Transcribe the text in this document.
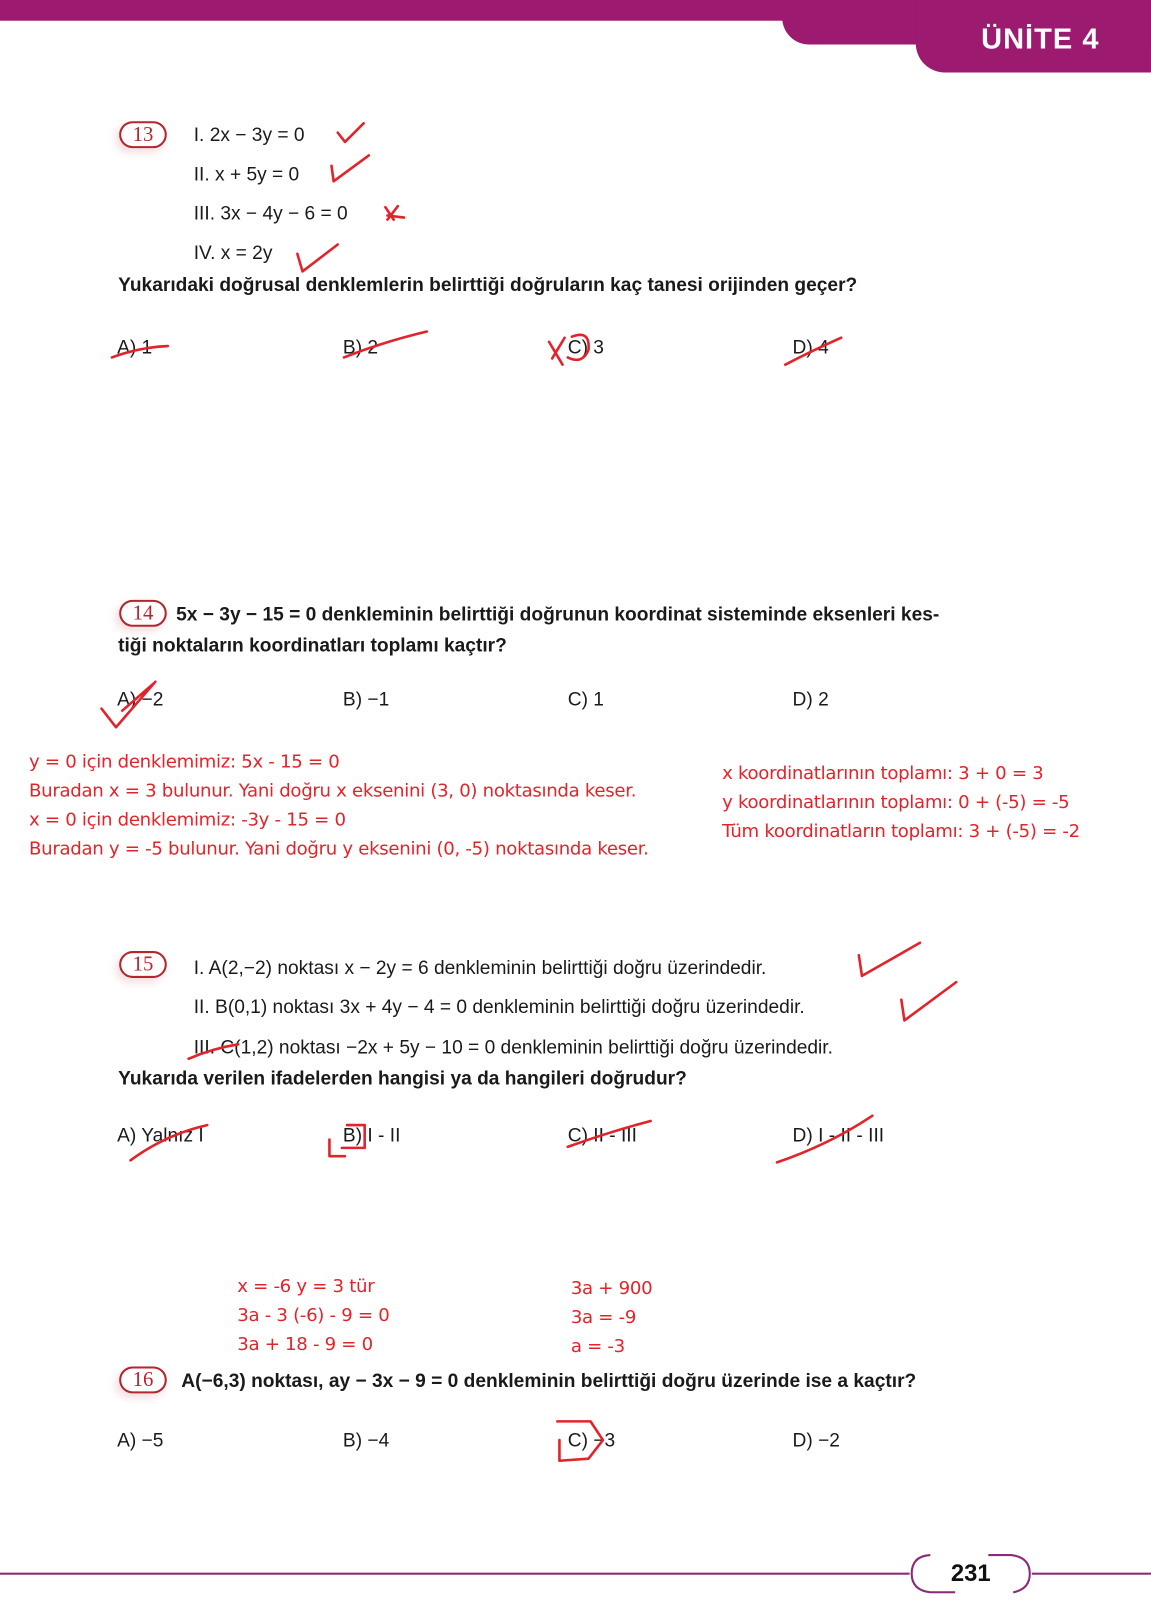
ÜNİTE 4
13	I. 2x − 3y = 0
II. x + 5y = 0
III. 3x − 4y − 6 = 0
IV. x = 2y
Yukarıdaki doğrusal denklemlerin belirttiği doğruların kaç tanesi orijinden geçer?
A) 1	B) 2	C) 3	D) 4
14	5x − 3y − 15 = 0 denkleminin belirttiği doğrunun koordinat sisteminde eksenleri kes-
tiği noktaların koordinatları toplamı kaçtır?
A) −2	B) −1	C) 1	D) 2
y = 0 için denklemimiz: 5x - 15 = 0
Buradan x = 3 bulunur. Yani doğru x eksenini (3, 0) noktasında keser.
x = 0 için denklemimiz: -3y - 15 = 0
Buradan y = -5 bulunur. Yani doğru y eksenini (0, -5) noktasında keser.
x koordinatlarının toplamı: 3 + 0 = 3
y koordinatlarının toplamı: 0 + (-5) = -5
Tüm koordinatların toplamı: 3 + (-5) = -2
15	I. A(2,−2) noktası x − 2y = 6 denkleminin belirttiği doğru üzerindedir.
II. B(0,1) noktası 3x + 4y − 4 = 0 denkleminin belirttiği doğru üzerindedir.
III. C(1,2) noktası −2x + 5y − 10 = 0 denkleminin belirttiği doğru üzerindedir.
Yukarıda verilen ifadelerden hangisi ya da hangileri doğrudur?
A) Yalnız I	B) I - II	C) II - III	D) I - II - III
x = -6 y = 3 tür
3a - 3 (-6) - 9 = 0
3a + 18 - 9 = 0
3a + 900
3a = -9
a = -3
16	A(−6,3) noktası, ay − 3x − 9 = 0 denkleminin belirttiği doğru üzerinde ise a kaçtır?
A) −5	B) −4	C) −3	D) −2
231
